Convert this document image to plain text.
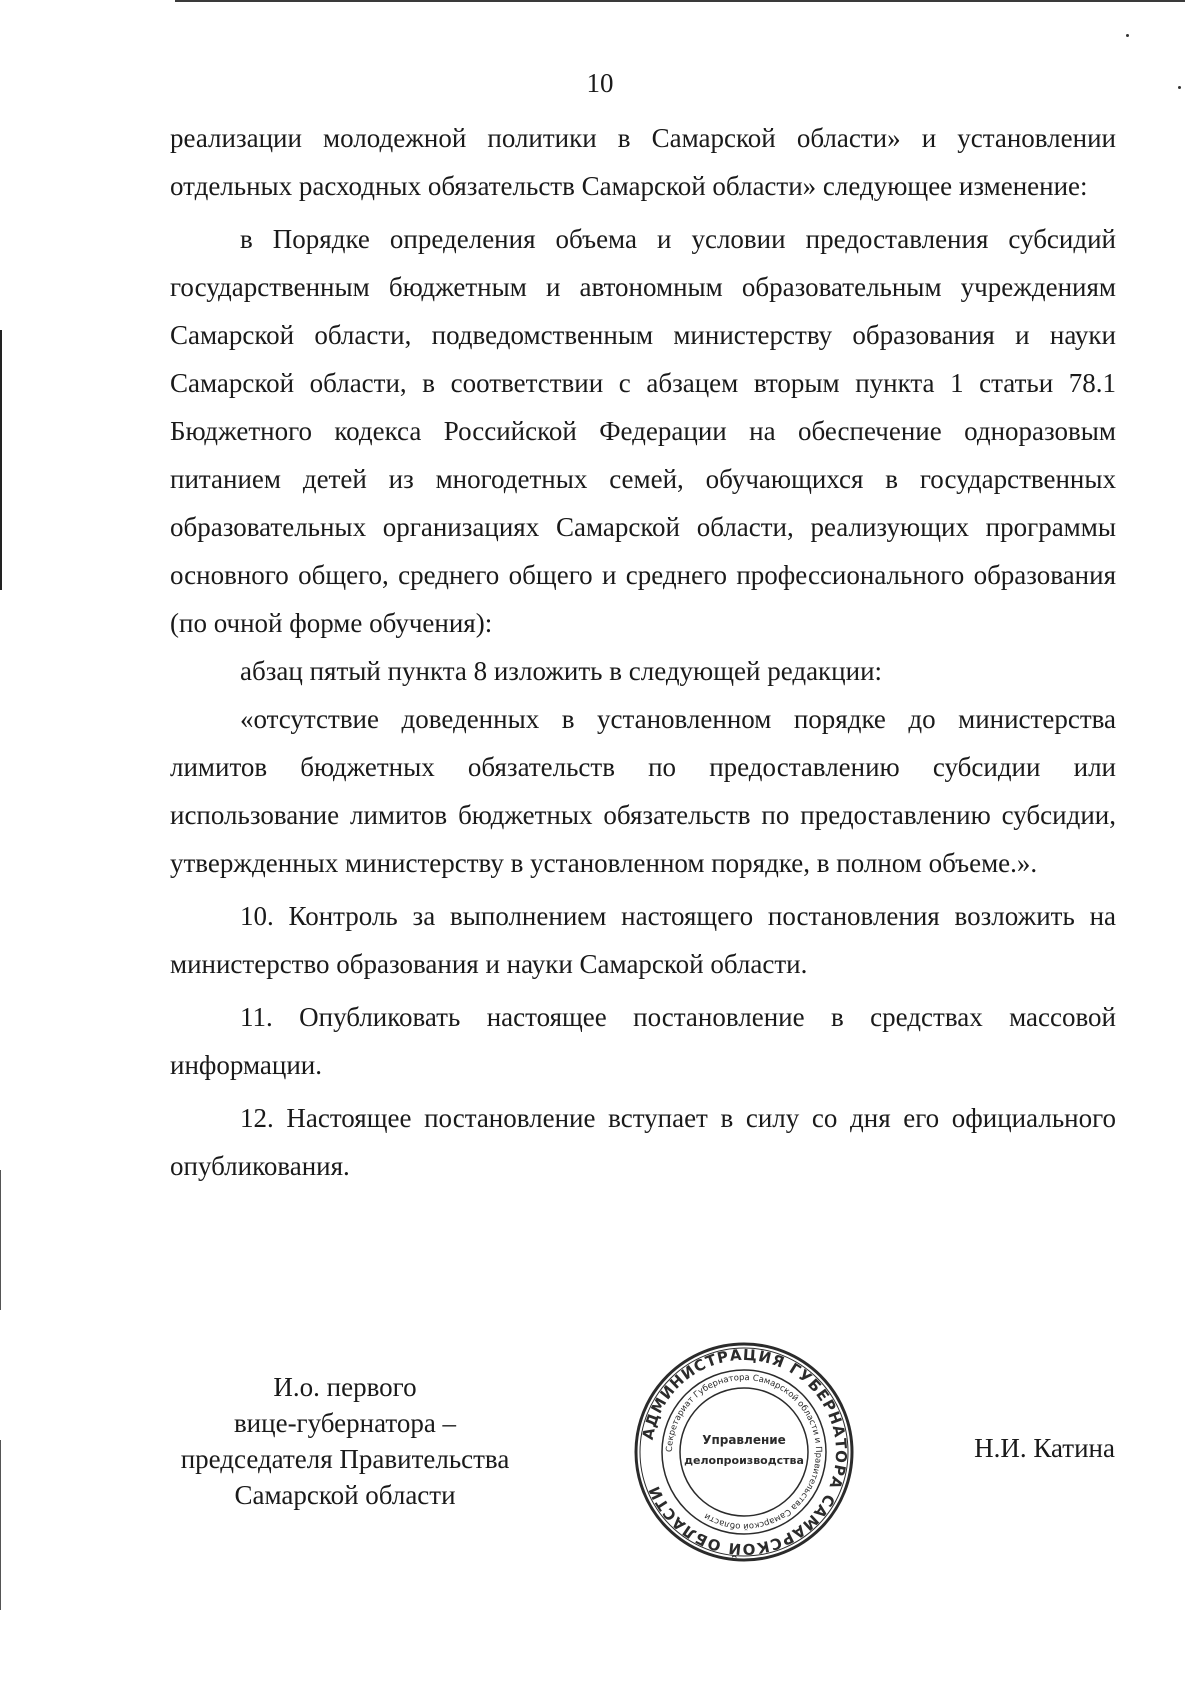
10

реализации молодежной политики в Самарской области» и установлении отдельных расходных обязательств Самарской области» следующее изменение:

в Порядке определения объема и условии предоставления субсидий государственным бюджетным и автономным образовательным учреждениям Самарской области, подведомственным министерству образования и науки Самарской области, в соответствии с абзацем вторым пункта 1 статьи 78.1 Бюджетного кодекса Российской Федерации на обеспечение одноразовым питанием детей из многодетных семей, обучающихся в государственных образовательных организациях Самарской области, реализующих программы основного общего, среднего общего и среднего профессионального образования (по очной форме обучения):

абзац пятый пункта 8 изложить в следующей редакции:

«отсутствие доведенных в установленном порядке до министерства лимитов бюджетных обязательств по предоставлению субсидии или использование лимитов бюджетных обязательств по предоставлению субсидии, утвержденных министерству в установленном порядке, в полном объеме.».

10. Контроль за выполнением настоящего постановления возложить на министерство образования и науки Самарской области.

11. Опубликовать настоящее постановление в средствах массовой информации.

12. Настоящее постановление вступает в силу со дня его официального опубликования.

И.о. первого
вице-губернатора –
председателя Правительства
Самарской области
АДМИНИСТРАЦИЯ ГУБЕРНАТОРА САМАРСКОЙ ОБЛАСТИ
Секретариат Губернатора Самарской области и Правительства Самарской области
Управление
делопроизводства	Н.И. Катина
